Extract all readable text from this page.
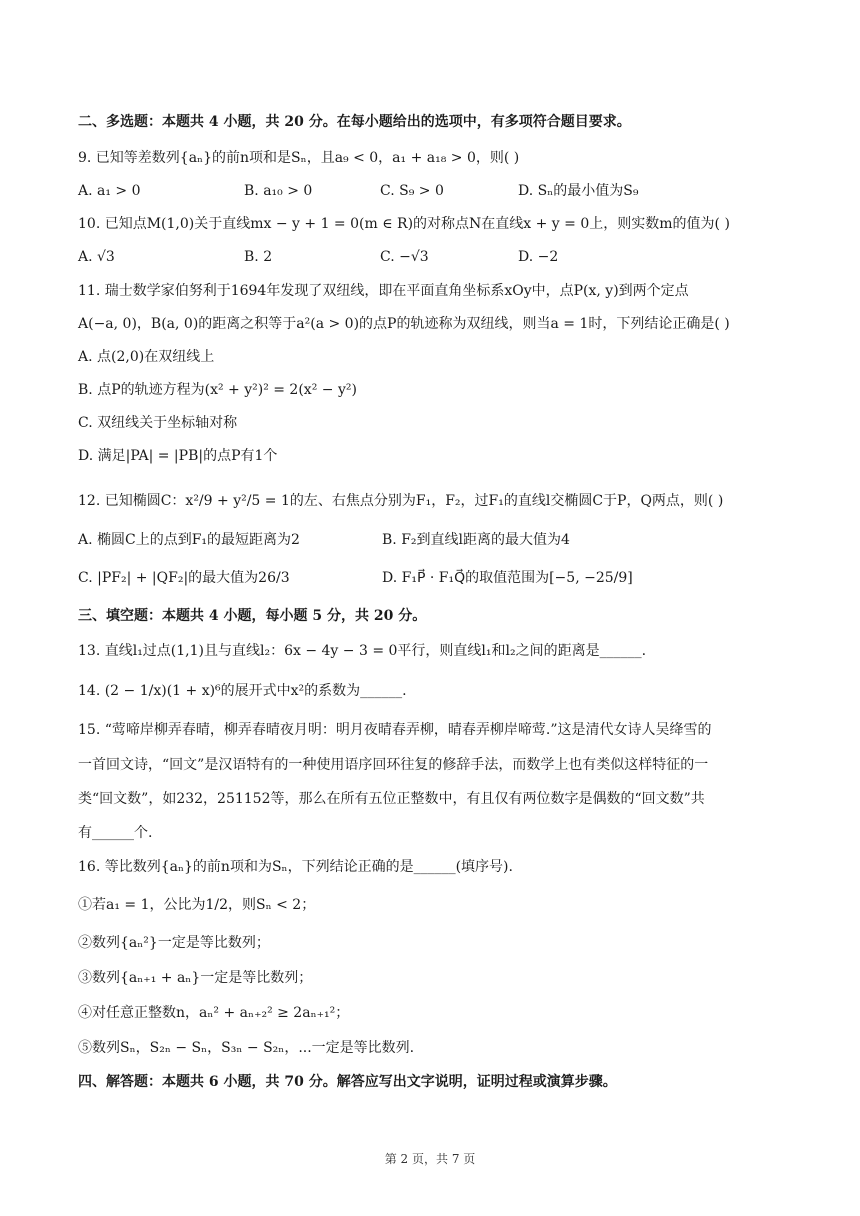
二、多选题：本题共 4 小题，共 20 分。在每小题给出的选项中，有多项符合题目要求。
9. 已知等差数列{aₙ}的前n项和是Sₙ，且a₉ < 0，a₁ + a₁₈ > 0，则( )
A. a₁ > 0	B. a₁₀ > 0	C. S₉ > 0	D. Sₙ的最小值为S₉
10. 已知点M(1,0)关于直线mx − y + 1 = 0(m ∈ R)的对称点N在直线x + y = 0上，则实数m的值为( )
A. √3	B. 2	C. −√3	D. −2
11. 瑞士数学家伯努利于1694年发现了双纽线，即在平面直角坐标系xOy中，点P(x, y)到两个定点
A(−a, 0)，B(a, 0)的距离之积等于a²(a > 0)的点P的轨迹称为双纽线，则当a = 1时，下列结论正确是( )
A. 点(2,0)在双纽线上
B. 点P的轨迹方程为(x² + y²)² = 2(x² − y²)
C. 双纽线关于坐标轴对称
D. 满足|PA| = |PB|的点P有1个
12. 已知椭圆C：x²/9 + y²/5 = 1的左、右焦点分别为F₁，F₂，过F₁的直线l交椭圆C于P，Q两点，则( )
A. 椭圆C上的点到F₁的最短距离为2	B. F₂到直线l距离的最大值为4
C. |PF₂| + |QF₂|的最大值为26/3	D. F₁P⃗ · F₁Q⃗的取值范围为[−5, −25/9]
三、填空题：本题共 4 小题，每小题 5 分，共 20 分。
13. 直线l₁过点(1,1)且与直线l₂：6x − 4y − 3 = 0平行，则直线l₁和l₂之间的距离是______.
14. (2 − 1/x)(1 + x)⁶的展开式中x²的系数为______.
15. “莺啼岸柳弄春晴，柳弄春晴夜月明：明月夜晴春弄柳，晴春弄柳岸啼莺.”这是清代女诗人吴绛雪的
一首回文诗，“回文”是汉语特有的一种使用语序回环往复的修辞手法，而数学上也有类似这样特征的一
类“回文数”，如232，251152等，那么在所有五位正整数中，有且仅有两位数字是偶数的“回文数”共
有______个.
16. 等比数列{aₙ}的前n项和为Sₙ，下列结论正确的是______(填序号).
①若a₁ = 1，公比为1/2，则Sₙ < 2；
②数列{aₙ²}一定是等比数列；
③数列{aₙ₊₁ + aₙ}一定是等比数列；
④对任意正整数n，aₙ² + aₙ₊₂² ≥ 2aₙ₊₁²；
⑤数列Sₙ，S₂ₙ − Sₙ，S₃ₙ − S₂ₙ，...一定是等比数列.
四、解答题：本题共 6 小题，共 70 分。解答应写出文字说明，证明过程或演算步骤。
第 2 页，共 7 页
